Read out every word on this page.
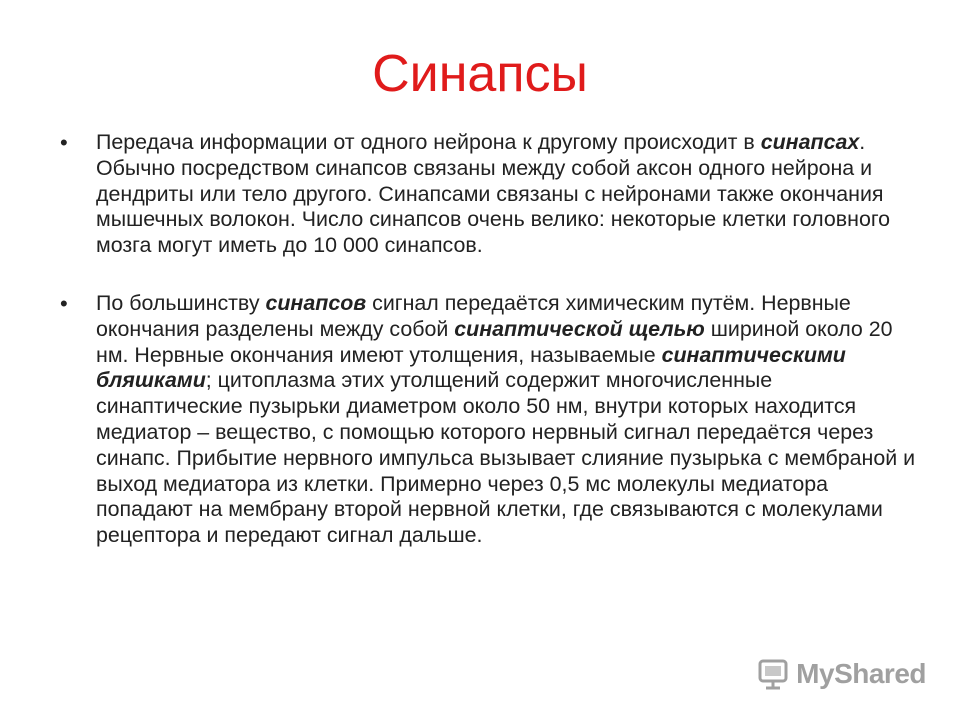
Синапсы
•	Передача информации от одного нейрона к другому происходит в синапсах. Обычно посредством синапсов связаны между собой аксон одного нейрона и дендриты или тело другого. Синапсами связаны с нейронами также окончания мышечных волокон. Число синапсов очень велико: некоторые клетки головного мозга могут иметь до 10 000 синапсов.
•	По большинству синапсов сигнал передаётся химическим путём. Нервные окончания разделены между собой синаптической щелью шириной около 20 нм. Нервные окончания имеют утолщения, называемые синаптическими бляшками; цитоплазма этих утолщений содержит многочисленные синаптические пузырьки диаметром около 50 нм, внутри которых находится медиатор – вещество, с помощью которого нервный сигнал передаётся через синапс. Прибытие нервного импульса вызывает слияние пузырька с мембраной и выход медиатора из клетки. Примерно через 0,5 мс молекулы медиатора попадают на мембрану второй нервной клетки, где связываются с молекулами рецептора и передают сигнал дальше.
MyShared
